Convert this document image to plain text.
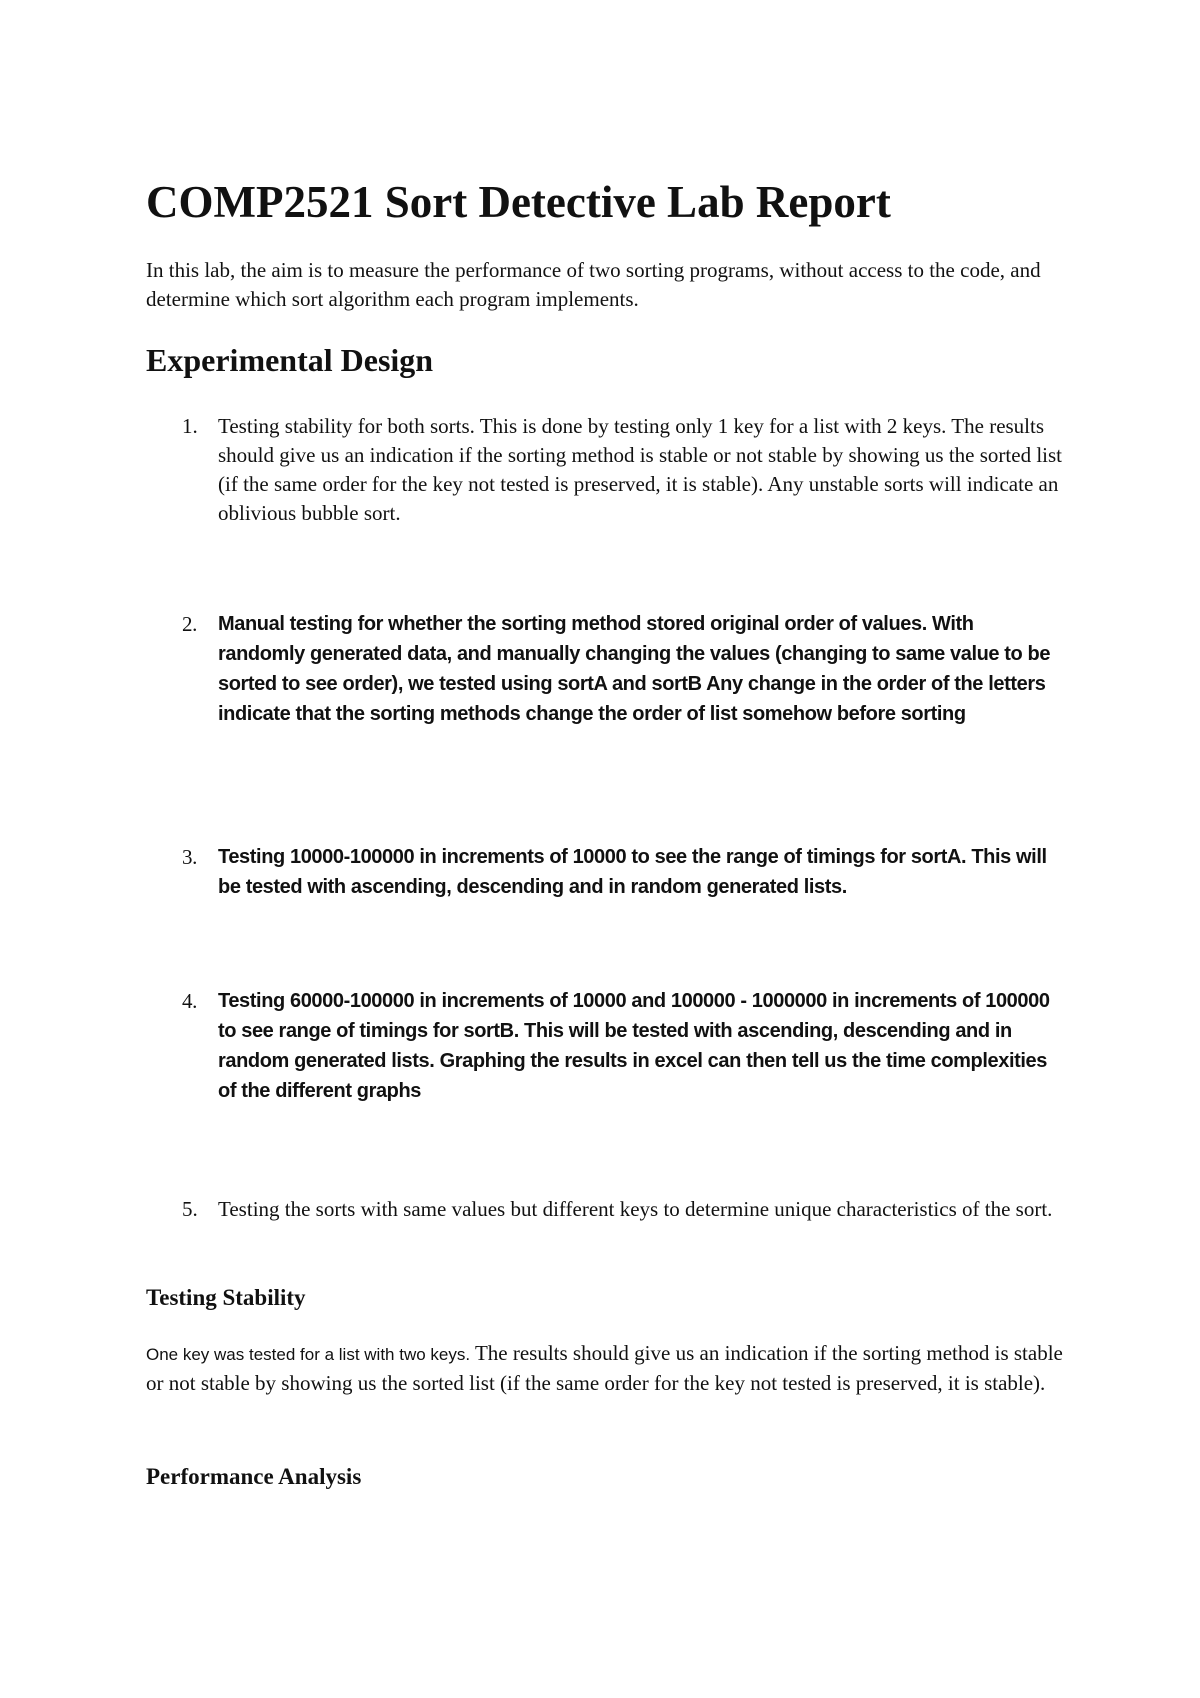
COMP2521 Sort Detective Lab Report

In this lab, the aim is to measure the performance of two sorting programs, without access to the code, and determine which sort algorithm each program implements.

Experimental Design
1. Testing stability for both sorts. This is done by testing only 1 key for a list with 2 keys. The results should give us an indication if the sorting method is stable or not stable by showing us the sorted list (if the same order for the key not tested is preserved, it is stable). Any unstable sorts will indicate an oblivious bubble sort.
2.	Manual testing for whether the sorting method stored original order of values. With randomly generated data, and manually changing the values (changing to same value to be sorted to see order), we tested using sortA and sortB Any change in the order of the letters indicate that the sorting methods change the order of list somehow before sorting
3.	Testing 10000-100000 in increments of 10000 to see the range of timings for sortA. This will be tested with ascending, descending and in random generated lists.
4.	Testing 60000-100000 in increments of 10000 and 100000 - 1000000 in increments of 100000 to see range of timings for sortB. This will be tested with ascending, descending and in random generated lists. Graphing the results in excel can then tell us the time complexities of the different graphs
5. Testing the sorts with same values but different keys to determine unique characteristics of the sort.
Testing Stability

One key was tested for a list with two keys. The results should give us an indication if the sorting method is stable or not stable by showing us the sorted list (if the same order for the key not tested is preserved, it is stable).

Performance Analysis
